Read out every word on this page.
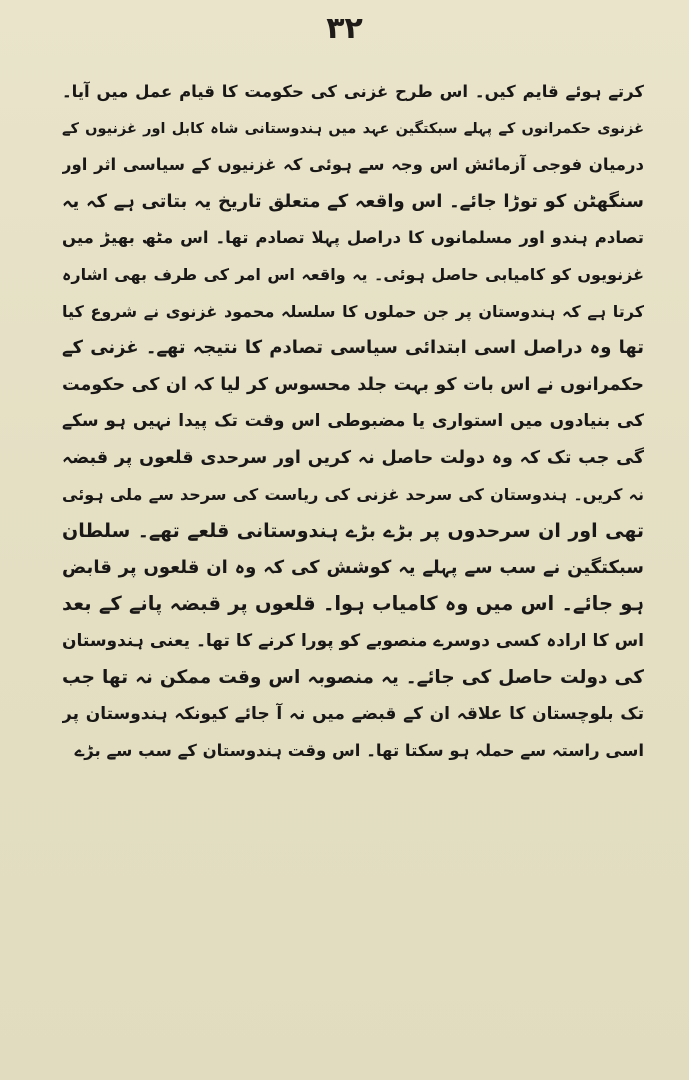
۳۲
کرتے ہوئے قایم کیں۔ اس طرح غزنی کی حکومت کا قیام عمل میں آیا۔
غزنوی حکمرانوں کے پہلے سبکتگین عہد میں ہندوستانی شاہ کابل اور غزنیوں کے
درمیان فوجی آزمائش اس وجہ سے ہوئی کہ غزنیوں کے سیاسی اثر اور
سنگھٹن کو توڑا جائے۔ اس واقعہ کے متعلق تاریخ یہ بتاتی ہے کہ یہ
تصادم ہندو اور مسلمانوں کا دراصل پہلا تصادم تھا۔ اس مٹھ بھیڑ میں
غزنویوں کو کامیابی حاصل ہوئی۔ یہ واقعہ اس امر کی طرف بھی اشارہ
کرتا ہے کہ ہندوستان پر جن حملوں کا سلسلہ محمود غزنوی نے شروع کیا
تھا وہ دراصل اسی ابتدائی سیاسی تصادم کا نتیجہ تھے۔ غزنی کے
حکمرانوں نے اس بات کو بہت جلد محسوس کر لیا کہ ان کی حکومت
کی بنیادوں میں استواری یا مضبوطی اس وقت تک پیدا نہیں ہو سکے
گی جب تک کہ وہ دولت حاصل نہ کریں اور سرحدی قلعوں پر قبضہ
نہ کریں۔ ہندوستان کی سرحد غزنی کی ریاست کی سرحد سے ملی ہوئی
تھی اور ان سرحدوں پر بڑے بڑے ہندوستانی قلعے تھے۔ سلطان
سبکتگین نے سب سے پہلے یہ کوشش کی کہ وہ ان قلعوں پر قابض
ہو جائے۔ اس میں وہ کامیاب ہوا۔ قلعوں پر قبضہ پانے کے بعد
اس کا ارادہ کسی دوسرے منصوبے کو پورا کرنے کا تھا۔ یعنی ہندوستان
کی دولت حاصل کی جائے۔ یہ منصوبہ اس وقت ممکن نہ تھا جب
تک بلوچستان کا علاقہ ان کے قبضے میں نہ آ جائے کیونکہ ہندوستان پر
اسی راستہ سے حملہ ہو سکتا تھا۔ اس وقت ہندوستان کے سب سے بڑے
